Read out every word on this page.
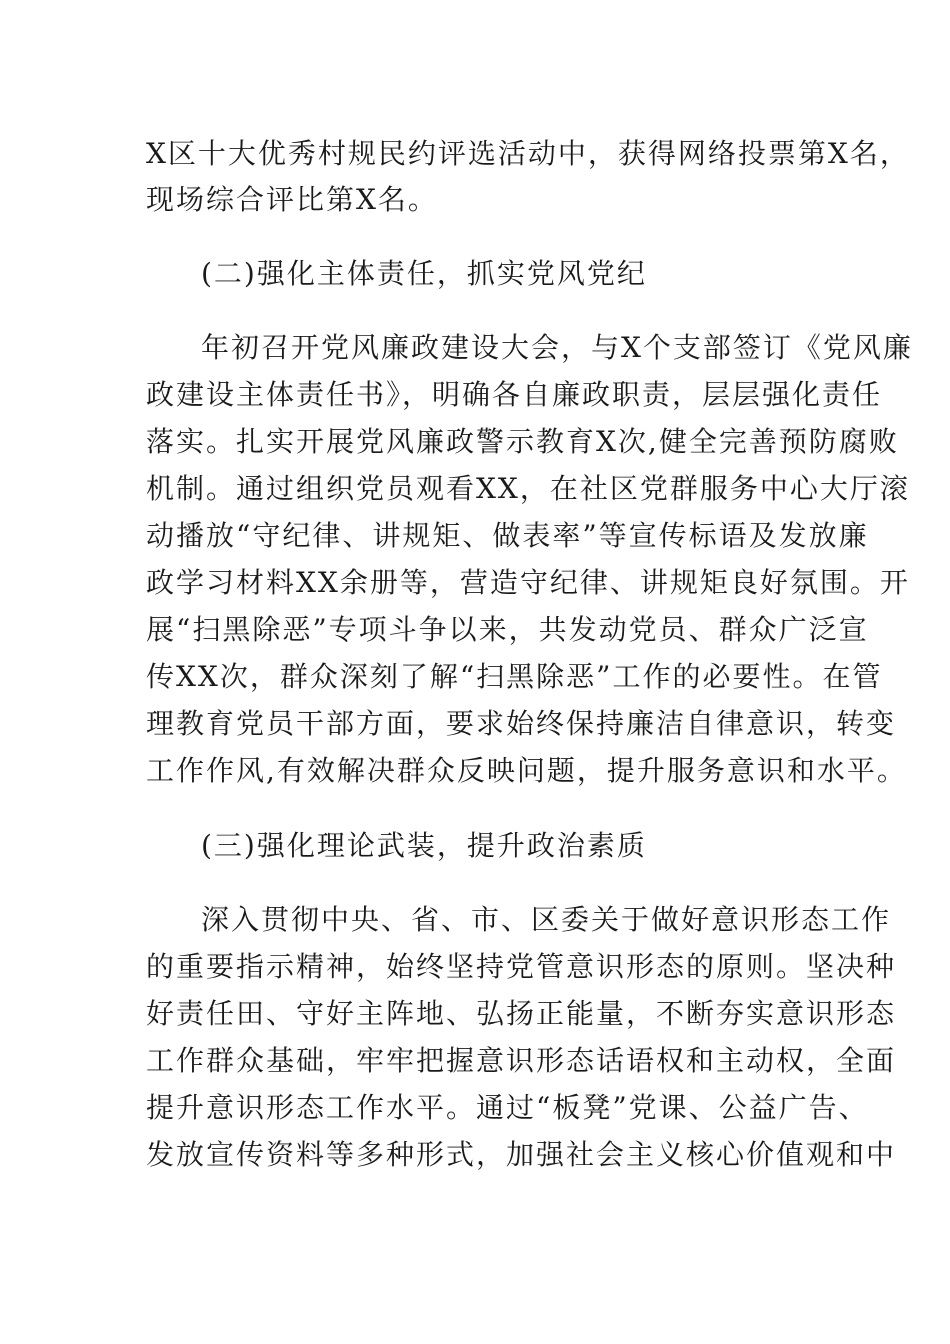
X区十大优秀村规民约评选活动中，获得网络投票第X名，
现场综合评比第X名。
(二)强化主体责任，抓实党风党纪
年初召开党风廉政建设大会，与X个支部签订《党风廉
政建设主体责任书》，明确各自廉政职责，层层强化责任
落实。扎实开展党风廉政警示教育X次,健全完善预防腐败
机制。通过组织党员观看XX，在社区党群服务中心大厅滚
动播放“守纪律、讲规矩、做表率”等宣传标语及发放廉
政学习材料XX余册等，营造守纪律、讲规矩良好氛围。开
展“扫黑除恶”专项斗争以来，共发动党员、群众广泛宣
传XX次，群众深刻了解“扫黑除恶”工作的必要性。在管
理教育党员干部方面，要求始终保持廉洁自律意识，转变
工作作风,有效解决群众反映问题，提升服务意识和水平。
(三)强化理论武装，提升政治素质
深入贯彻中央、省、市、区委关于做好意识形态工作
的重要指示精神，始终坚持党管意识形态的原则。坚决种
好责任田、守好主阵地、弘扬正能量，不断夯实意识形态
工作群众基础，牢牢把握意识形态话语权和主动权，全面
提升意识形态工作水平。通过“板凳”党课、公益广告、
发放宣传资料等多种形式，加强社会主义核心价值观和中
